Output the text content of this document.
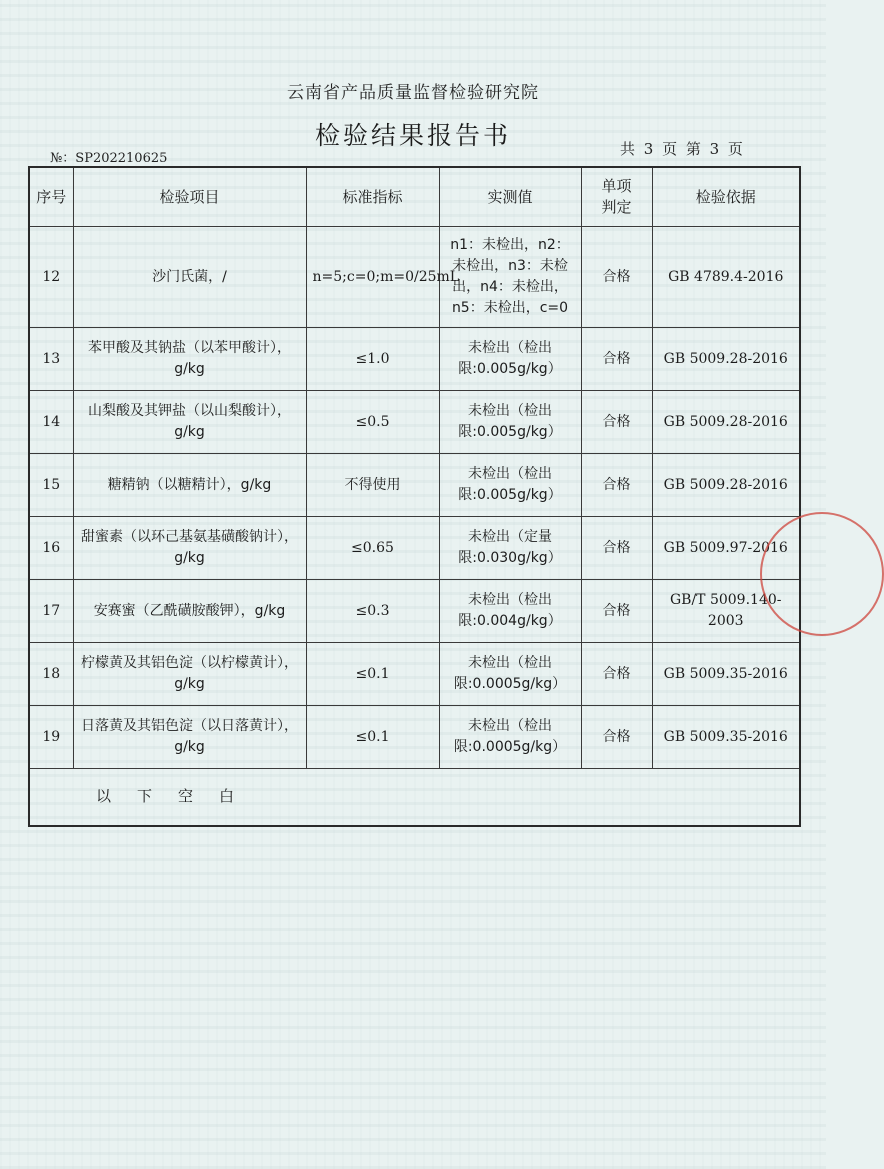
云南省产品质量监督检验研究院
检验结果报告书
№：SP202210625
共 3 页 第 3 页
序号	检验项目	标准指标	实测值	单项判定	检验依据
12	沙门氏菌，/	n=5;c=0;m=0/25mL	n1：未检出，n2：未检出，n3：未检出，n4：未检出，n5：未检出，c=0	合格	GB 4789.4-2016
13	苯甲酸及其钠盐（以苯甲酸计），g/kg	≤1.0	未检出（检出限:0.005g/kg）	合格	GB 5009.28-2016
14	山梨酸及其钾盐（以山梨酸计），g/kg	≤0.5	未检出（检出限:0.005g/kg）	合格	GB 5009.28-2016
15	糖精钠（以糖精计），g/kg	不得使用	未检出（检出限:0.005g/kg）	合格	GB 5009.28-2016
16	甜蜜素（以环己基氨基磺酸钠计），g/kg	≤0.65	未检出（定量限:0.030g/kg）	合格	GB 5009.97-2016
17	安赛蜜（乙酰磺胺酸钾），g/kg	≤0.3	未检出（检出限:0.004g/kg）	合格	GB/T 5009.140-2003
18	柠檬黄及其铝色淀（以柠檬黄计），g/kg	≤0.1	未检出（检出限:0.0005g/kg）	合格	GB 5009.35-2016
19	日落黄及其铝色淀（以日落黄计），g/kg	≤0.1	未检出（检出限:0.0005g/kg）	合格	GB 5009.35-2016
以下空白					
